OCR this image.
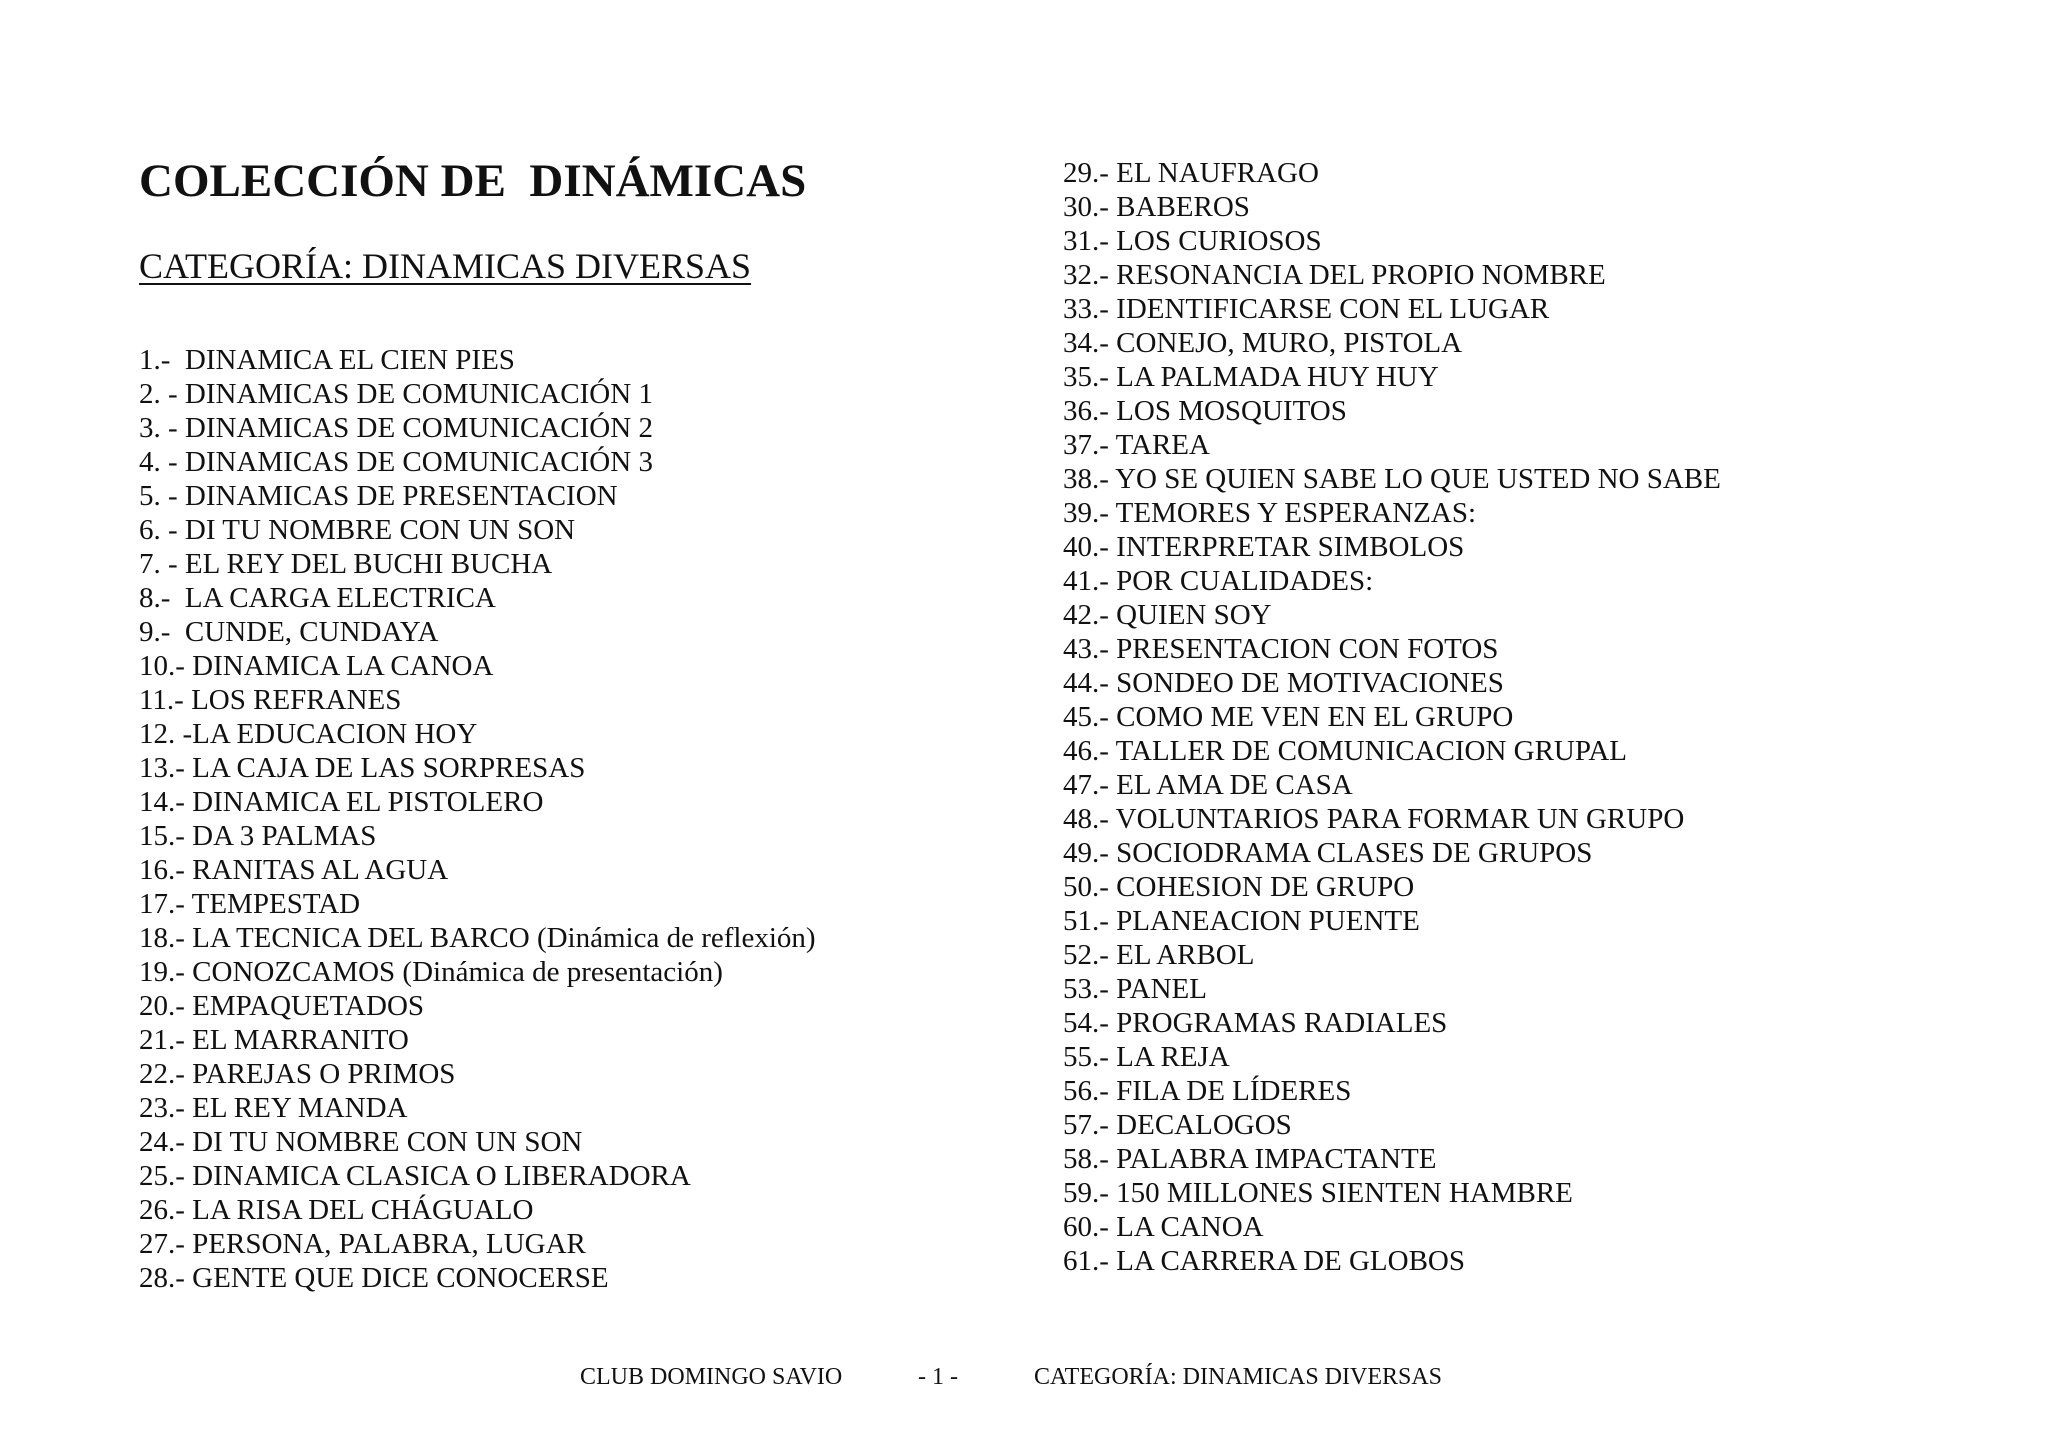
COLECCIÓN DE  DINÁMICAS
CATEGORÍA: DINAMICAS DIVERSAS
1.-  DINAMICA EL CIEN PIES
2. - DINAMICAS DE COMUNICACIÓN 1
3. - DINAMICAS DE COMUNICACIÓN 2
4. - DINAMICAS DE COMUNICACIÓN 3
5. - DINAMICAS DE PRESENTACION
6. - DI TU NOMBRE CON UN SON
7. - EL REY DEL BUCHI BUCHA
8.-  LA CARGA ELECTRICA
9.-  CUNDE, CUNDAYA
10.- DINAMICA LA CANOA
11.- LOS REFRANES
12. -LA EDUCACION HOY
13.- LA CAJA DE LAS SORPRESAS
14.- DINAMICA EL PISTOLERO
15.- DA 3 PALMAS
16.- RANITAS AL AGUA
17.- TEMPESTAD
18.- LA TECNICA DEL BARCO (Dinámica de reflexión)
19.- CONOZCAMOS (Dinámica de presentación)
20.- EMPAQUETADOS
21.- EL MARRANITO
22.- PAREJAS O PRIMOS
23.- EL REY MANDA
24.- DI TU NOMBRE CON UN SON
25.- DINAMICA CLASICA O LIBERADORA
26.- LA RISA DEL CHÁGUALO
27.- PERSONA, PALABRA, LUGAR
28.- GENTE QUE DICE CONOCERSE
29.- EL NAUFRAGO
30.- BABEROS
31.- LOS CURIOSOS
32.- RESONANCIA DEL PROPIO NOMBRE
33.- IDENTIFICARSE CON EL LUGAR
34.- CONEJO, MURO, PISTOLA
35.- LA PALMADA HUY HUY
36.- LOS MOSQUITOS
37.- TAREA
38.- YO SE QUIEN SABE LO QUE USTED NO SABE
39.- TEMORES Y ESPERANZAS:
40.- INTERPRETAR SIMBOLOS
41.- POR CUALIDADES:
42.- QUIEN SOY
43.- PRESENTACION CON FOTOS
44.- SONDEO DE MOTIVACIONES
45.- COMO ME VEN EN EL GRUPO
46.- TALLER DE COMUNICACION GRUPAL
47.- EL AMA DE CASA
48.- VOLUNTARIOS PARA FORMAR UN GRUPO
49.- SOCIODRAMA CLASES DE GRUPOS
50.- COHESION DE GRUPO
51.- PLANEACION PUENTE
52.- EL ARBOL
53.- PANEL
54.- PROGRAMAS RADIALES
55.- LA REJA
56.- FILA DE LÍDERES
57.- DECALOGOS
58.- PALABRA IMPACTANTE
59.- 150 MILLONES SIENTEN HAMBRE
60.- LA CANOA
61.- LA CARRERA DE GLOBOS
CLUB DOMINGO SAVIO	- 1 -	CATEGORÍA: DINAMICAS DIVERSAS
